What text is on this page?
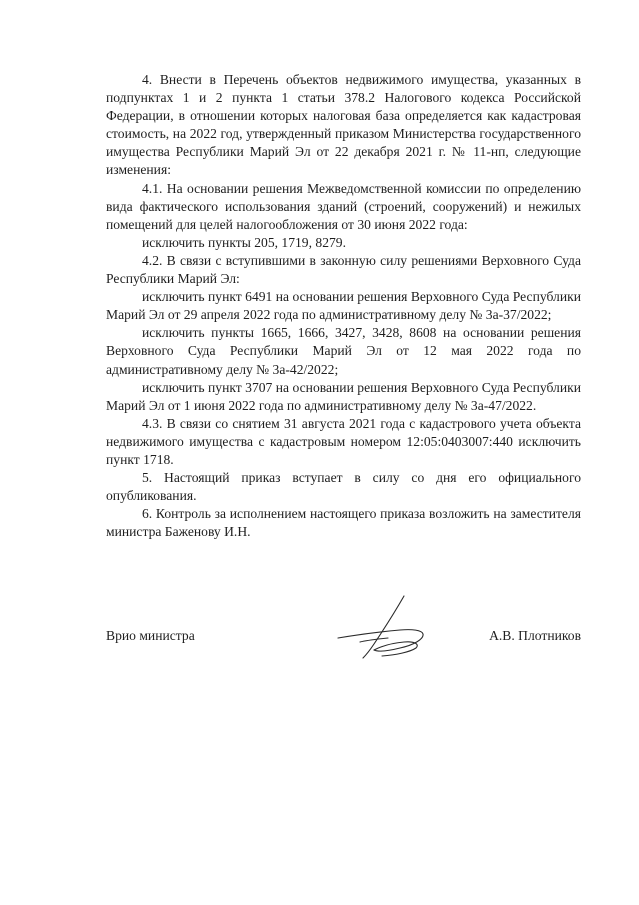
4. Внести в Перечень объектов недвижимого имущества, указанных в подпунктах 1 и 2 пункта 1 статьи 378.2 Налогового кодекса Российской Федерации, в отношении которых налоговая база определяется как кадастровая стоимость, на 2022 год, утвержденный приказом Министерства государственного имущества Республики Марий Эл от 22 декабря 2021 г. № 11-нп, следующие изменения:

4.1. На основании решения Межведомственной комиссии по определению вида фактического использования зданий (строений, сооружений) и нежилых помещений для целей налогообложения от 30 июня 2022 года:

исключить пункты 205, 1719, 8279.

4.2. В связи с вступившими в законную силу решениями Верховного Суда Республики Марий Эл:

исключить пункт 6491 на основании решения Верховного Суда Республики Марий Эл от 29 апреля 2022 года по административному делу № 3а-37/2022;

исключить пункты 1665, 1666, 3427, 3428, 8608 на основании решения Верховного Суда Республики Марий Эл от 12 мая 2022 года по административному делу № 3а-42/2022;

исключить пункт 3707 на основании решения Верховного Суда Республики Марий Эл от 1 июня 2022 года по административному делу № 3а-47/2022.

4.3. В связи со снятием 31 августа 2021 года с кадастрового учета объекта недвижимого имущества с кадастровым номером 12:05:0403007:440 исключить пункт 1718.

5. Настоящий приказ вступает в силу со дня его официального опубликования.

6. Контроль за исполнением настоящего приказа возложить на заместителя министра Баженову И.Н.

Врио министра	А.В. Плотников
